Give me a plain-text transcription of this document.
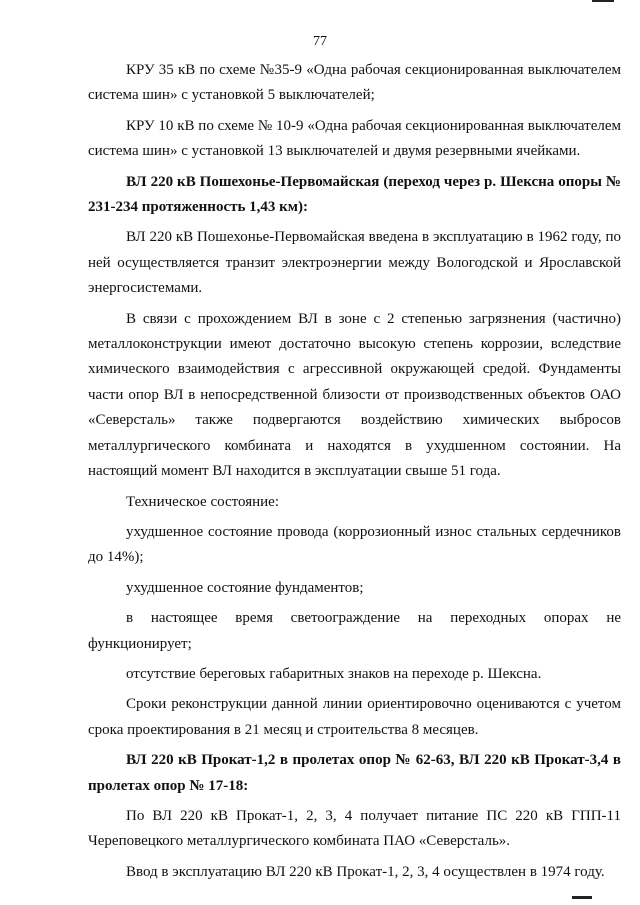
77

КРУ 35 кВ по схеме №35-9 «Одна рабочая секционированная выключателем система шин» с установкой 5 выключателей;

КРУ 10 кВ по схеме № 10-9 «Одна рабочая секционированная выключателем система шин» с установкой 13 выключателей и двумя резервными ячейками.

ВЛ 220 кВ Пошехонье-Первомайская (переход через р. Шексна опоры № 231-234 протяженность 1,43 км):

ВЛ 220 кВ Пошехонье-Первомайская введена в эксплуатацию в 1962 году, по ней осуществляется транзит электроэнергии между Вологодской и Ярославской энергосистемами.

В связи с прохождением ВЛ в зоне с 2 степенью загрязнения (частично) металлоконструкции имеют достаточно высокую степень коррозии, вследствие химического взаимодействия с агрессивной окружающей средой. Фундаменты части опор ВЛ в непосредственной близости от производственных объектов ОАО «Северсталь» также подвергаются воздействию химических выбросов металлургического комбината и находятся в ухудшенном состоянии. На настоящий момент ВЛ находится в эксплуатации свыше 51 года.

Техническое состояние:

ухудшенное состояние провода (коррозионный износ стальных сердечников до 14%);

ухудшенное состояние фундаментов;

в настоящее время светоограждение на переходных опорах не функционирует;

отсутствие береговых габаритных знаков на переходе р. Шексна.

Сроки реконструкции данной линии ориентировочно оцениваются с учетом срока проектирования в 21 месяц и строительства 8 месяцев.

ВЛ 220 кВ Прокат-1,2 в пролетах опор № 62-63, ВЛ 220 кВ Прокат-3,4 в пролетах опор № 17-18:

По ВЛ 220 кВ Прокат-1, 2, 3, 4 получает питание ПС 220 кВ ГПП-11 Череповецкого металлургического комбината ПАО «Северсталь».

Ввод в эксплуатацию ВЛ 220 кВ Прокат-1, 2, 3, 4 осуществлен в 1974 году.
